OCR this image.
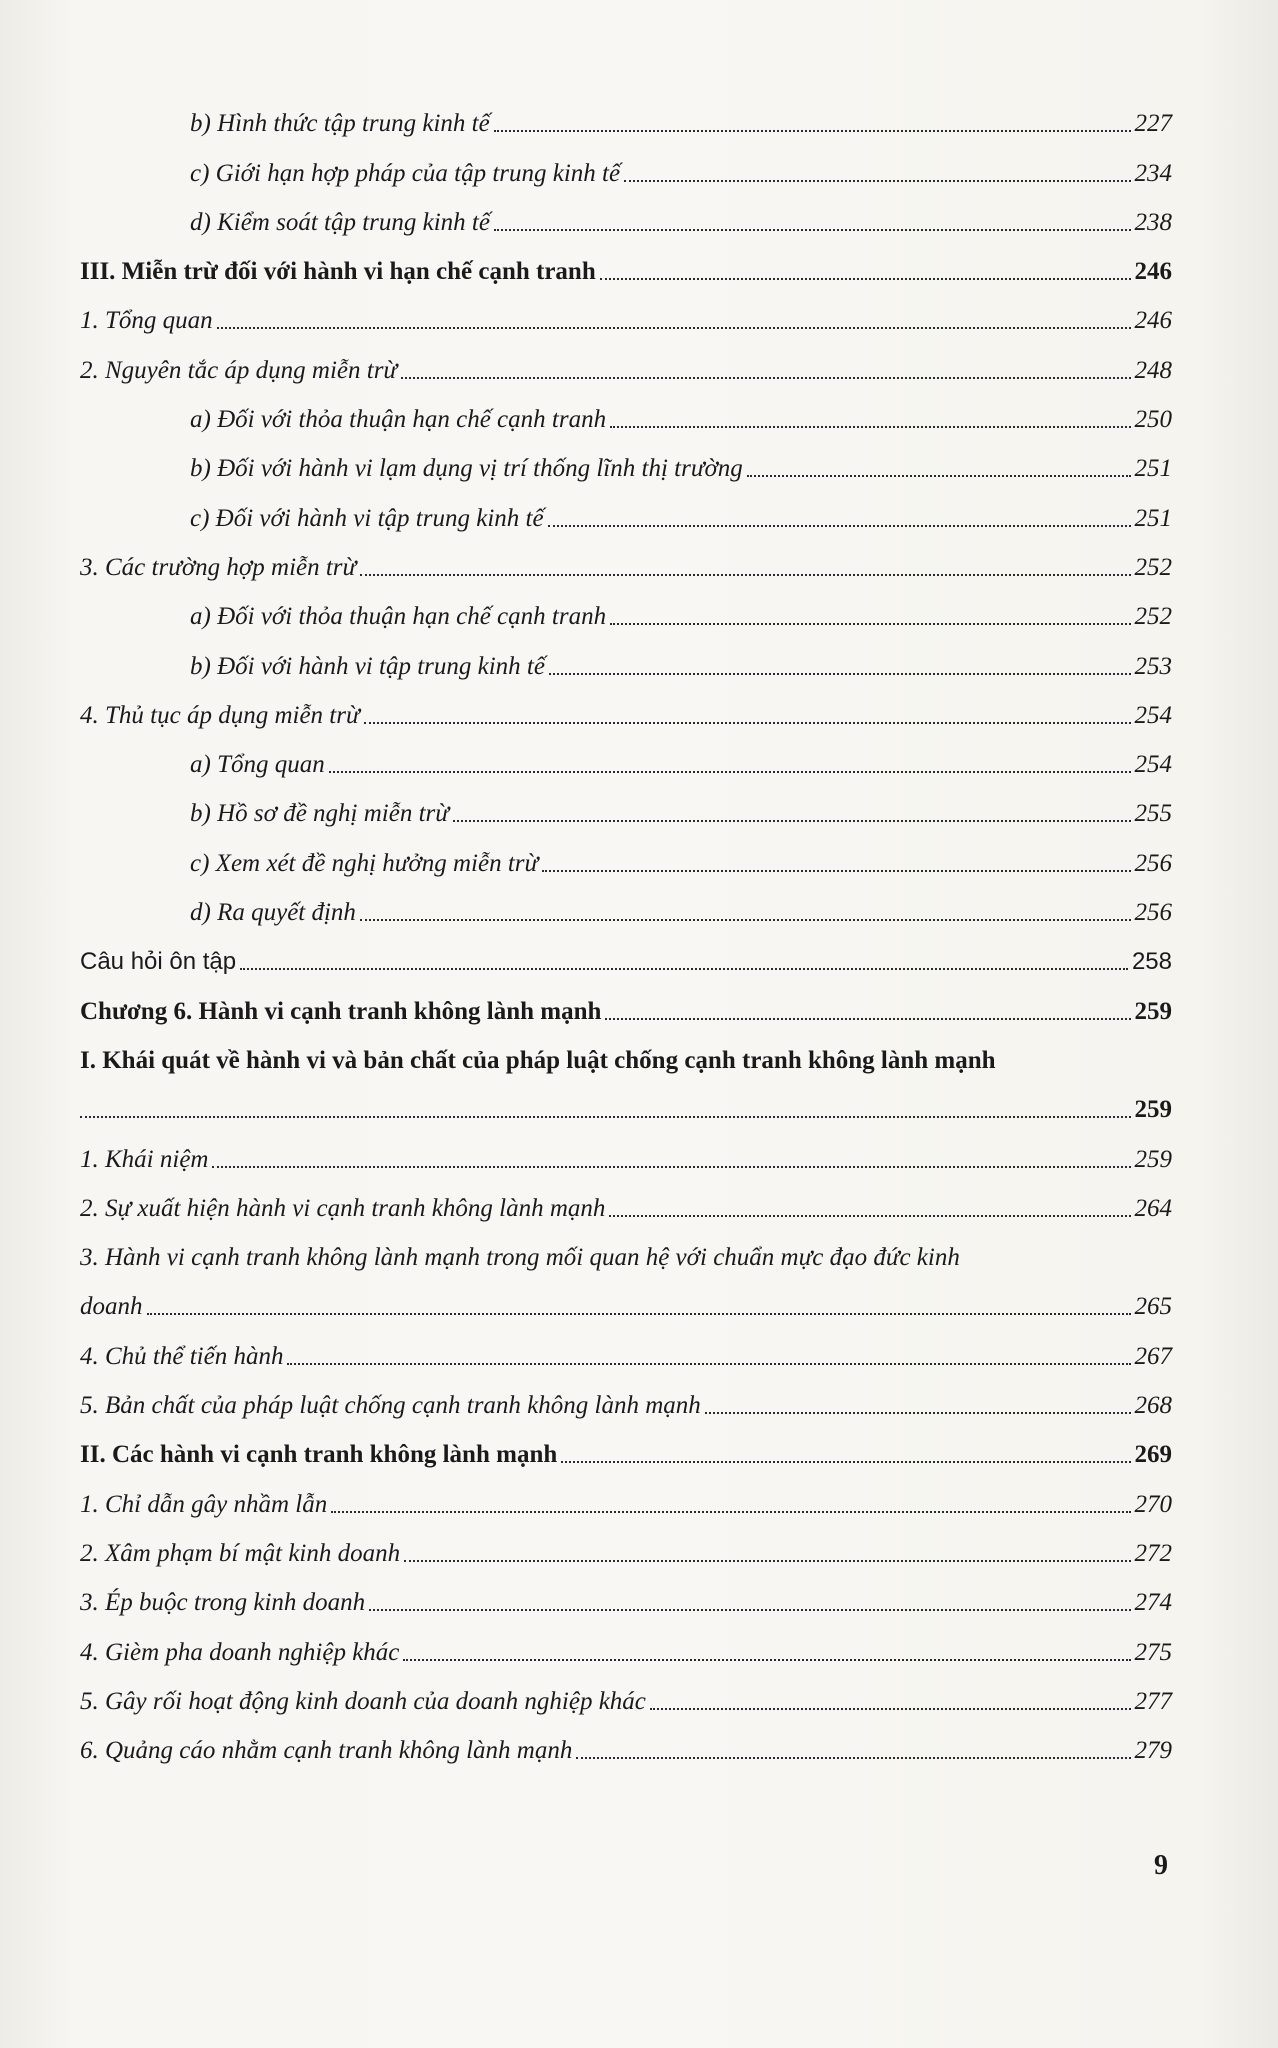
b) Hình thức tập trung kinh tế	227
c) Giới hạn hợp pháp của tập trung kinh tế	234
d) Kiểm soát tập trung kinh tế	238
III. Miễn trừ đối với hành vi hạn chế cạnh tranh	246
1. Tổng quan	246
2. Nguyên tắc áp dụng miễn trừ	248
a) Đối với thỏa thuận hạn chế cạnh tranh	250
b) Đối với hành vi lạm dụng vị trí thống lĩnh thị trường	251
c) Đối với hành vi tập trung kinh tế	251
3. Các trường hợp miễn trừ	252
a) Đối với thỏa thuận hạn chế cạnh tranh	252
b) Đối với hành vi tập trung kinh tế	253
4. Thủ tục áp dụng miễn trừ	254
a) Tổng quan	254
b) Hồ sơ đề nghị miễn trừ	255
c) Xem xét đề nghị hưởng miễn trừ	256
d) Ra quyết định	256
Câu hỏi ôn tập	258
Chương 6. Hành vi cạnh tranh không lành mạnh	259
I. Khái quát về hành vi và bản chất của pháp luật chống cạnh tranh không lành mạnh
259
1. Khái niệm	259
2. Sự xuất hiện hành vi cạnh tranh không lành mạnh	264
3. Hành vi cạnh tranh không lành mạnh trong mối quan hệ với chuẩn mực đạo đức kinh
doanh	265
4. Chủ thể tiến hành	267
5. Bản chất của pháp luật chống cạnh tranh không lành mạnh	268
II. Các hành vi cạnh tranh không lành mạnh	269
1. Chỉ dẫn gây nhầm lẫn	270
2. Xâm phạm bí mật kinh doanh	272
3. Ép buộc trong kinh doanh	274
4. Gièm pha doanh nghiệp khác	275
5. Gây rối hoạt động kinh doanh của doanh nghiệp khác	277
6. Quảng cáo nhằm cạnh tranh không lành mạnh	279
9
